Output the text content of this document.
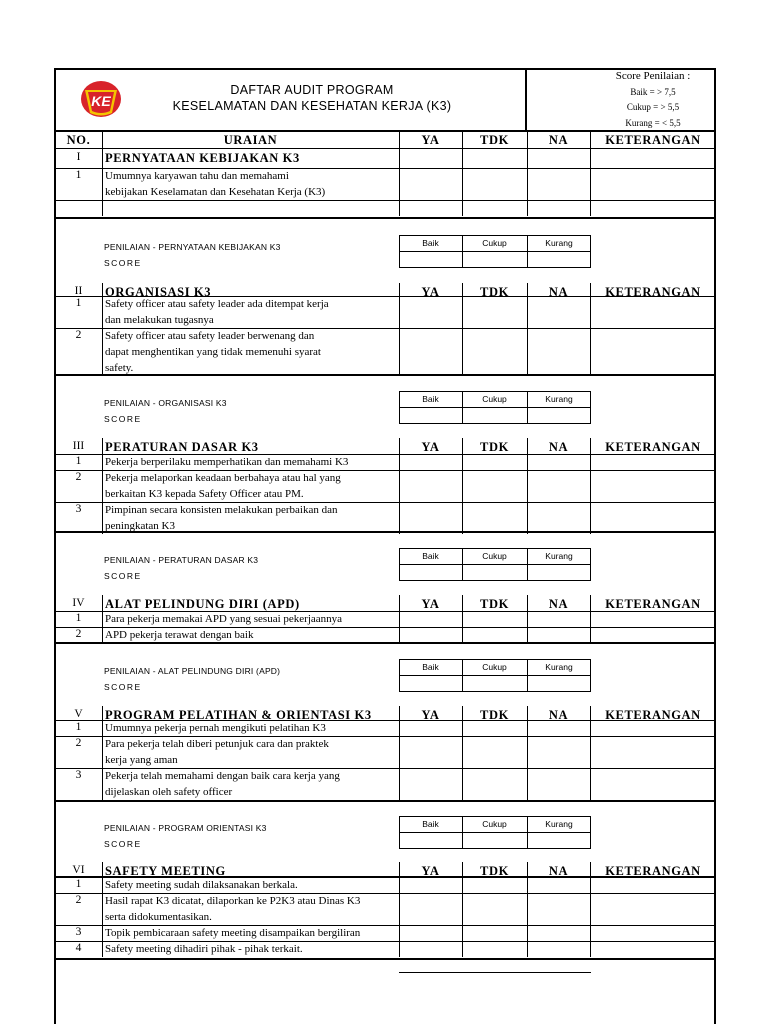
KE
DAFTAR AUDIT PROGRAM
KESELAMATAN DAN KESEHATAN KERJA (K3)
Score Penilaian :
Baik = > 7,5
Cukup = > 5,5
Kurang = < 5,5
NO.	URAIAN	YA	TDK	NA	KETERANGAN
I	PERNYATAAN KEBIJAKAN K3
1	Umumnya karyawan tahu dan memahami
kebijakan Keselamatan dan Kesehatan Kerja (K3)
PENILAIAN - PERNYATAAN KEBIJAKAN K3
SCORE
Baik	Cukup	Kurang
II	ORGANISASI K3	YA	TDK	NA	KETERANGAN
1	Safety officer atau safety leader ada ditempat kerja
dan melakukan tugasnya
2	Safety officer atau safety leader berwenang dan
dapat menghentikan yang tidak memenuhi syarat
safety.
PENILAIAN - ORGANISASI K3
SCORE
Baik	Cukup	Kurang
III	PERATURAN DASAR K3	YA	TDK	NA	KETERANGAN
1	Pekerja berperilaku memperhatikan dan memahami K3
2	Pekerja melaporkan keadaan berbahaya atau hal yang
berkaitan K3 kepada Safety Officer atau PM.
3	Pimpinan secara konsisten melakukan perbaikan dan
peningkatan K3
PENILAIAN - PERATURAN DASAR K3
SCORE
Baik	Cukup	Kurang
IV	ALAT PELINDUNG DIRI (APD)	YA	TDK	NA	KETERANGAN
1	Para pekerja memakai APD yang sesuai pekerjaannya
2	APD pekerja terawat dengan baik
PENILAIAN - ALAT PELINDUNG DIRI (APD)
SCORE
Baik	Cukup	Kurang
V	PROGRAM PELATIHAN & ORIENTASI K3	YA	TDK	NA	KETERANGAN
1	Umumnya pekerja pernah mengikuti pelatihan K3
2	Para pekerja telah diberi petunjuk cara dan praktek
kerja yang aman
3	Pekerja telah memahami dengan baik cara kerja yang
dijelaskan oleh safety officer
PENILAIAN - PROGRAM ORIENTASI K3
SCORE
Baik	Cukup	Kurang
VI	SAFETY MEETING	YA	TDK	NA	KETERANGAN
1	Safety meeting sudah dilaksanakan berkala.
2	Hasil rapat K3 dicatat, dilaporkan ke P2K3 atau Dinas K3
serta didokumentasikan.
3	Topik pembicaraan safety meeting disampaikan bergiliran
4	Safety meeting dihadiri pihak - pihak terkait.
